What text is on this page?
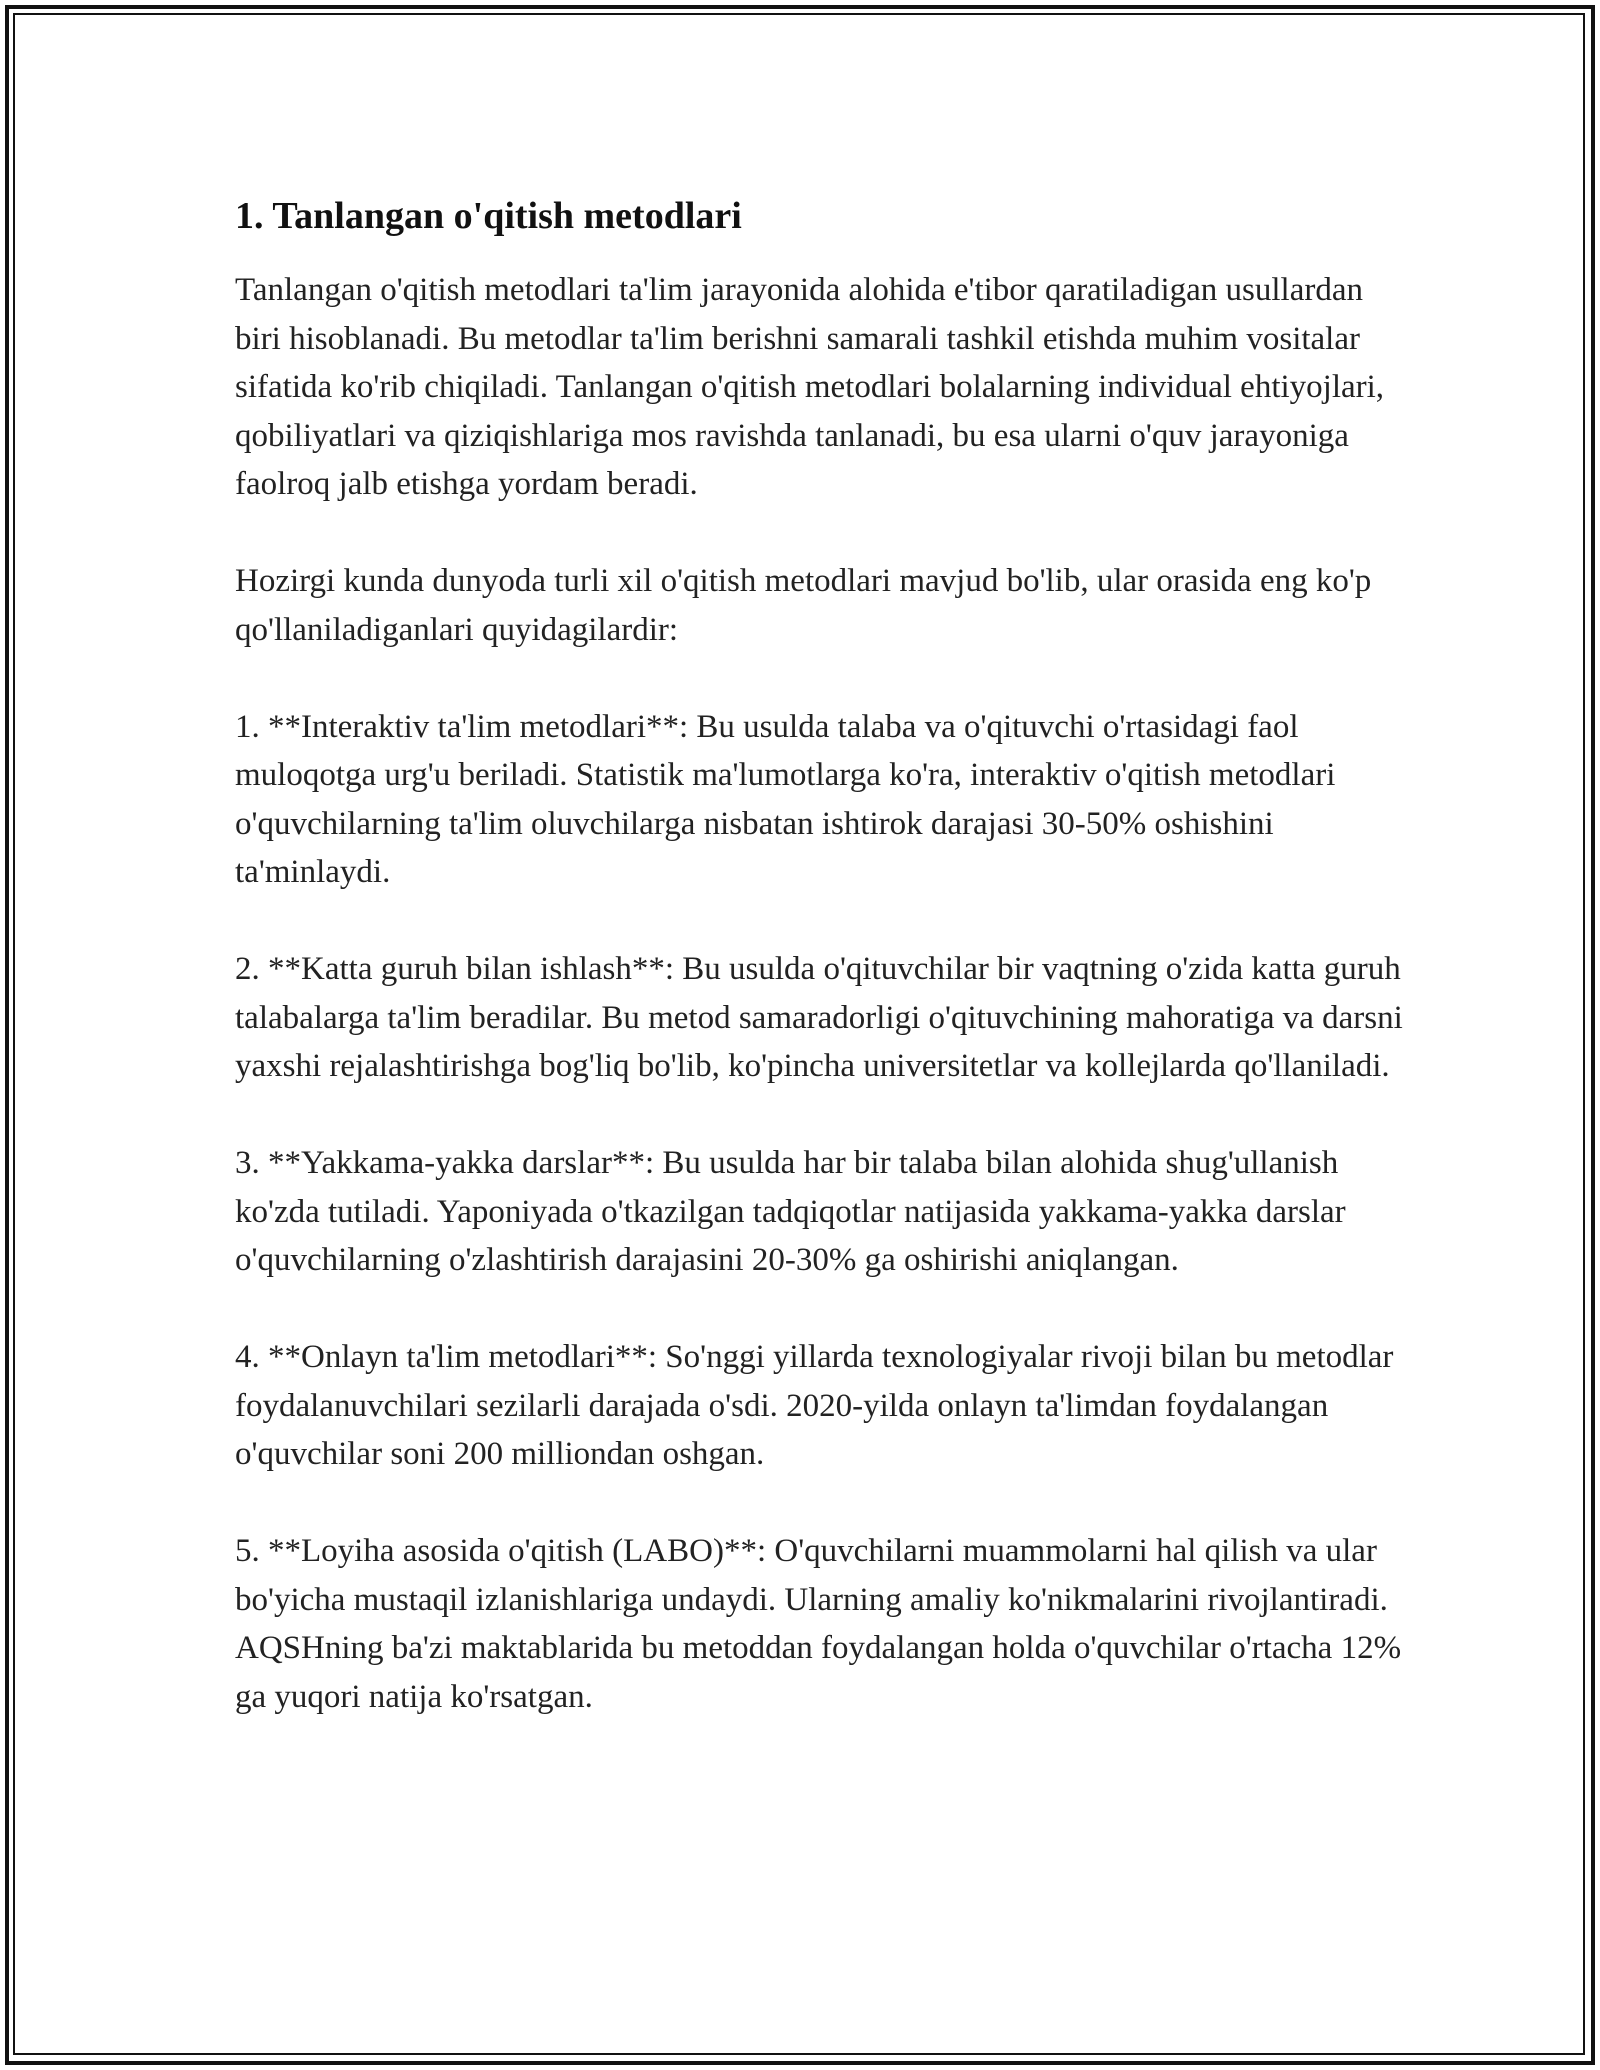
1. Tanlangan o'qitish metodlari

Tanlangan o'qitish metodlari ta'lim jarayonida alohida e'tibor qaratiladigan usullardan biri hisoblanadi. Bu metodlar ta'lim berishni samarali tashkil etishda muhim vositalar sifatida ko'rib chiqiladi. Tanlangan o'qitish metodlari bolalarning individual ehtiyojlari, qobiliyatlari va qiziqishlariga mos ravishda tanlanadi, bu esa ularni o'quv jarayoniga faolroq jalb etishga yordam beradi.

Hozirgi kunda dunyoda turli xil o'qitish metodlari mavjud bo'lib, ular orasida eng ko'p qo'llaniladiganlari quyidagilardir:

1. **Interaktiv ta'lim metodlari**: Bu usulda talaba va o'qituvchi o'rtasidagi faol muloqotga urg'u beriladi. Statistik ma'lumotlarga ko'ra, interaktiv o'qitish metodlari o'quvchilarning ta'lim oluvchilarga nisbatan ishtirok darajasi 30-50% oshishini ta'minlaydi.

2. **Katta guruh bilan ishlash**: Bu usulda o'qituvchilar bir vaqtning o'zida katta guruh talabalarga ta'lim beradilar. Bu metod samaradorligi o'qituvchining mahoratiga va darsni yaxshi rejalashtirishga bog'liq bo'lib, ko'pincha universitetlar va kollejlarda qo'llaniladi.

3. **Yakkama-yakka darslar**: Bu usulda har bir talaba bilan alohida shug'ullanish ko'zda tutiladi. Yaponiyada o'tkazilgan tadqiqotlar natijasida yakkama-yakka darslar o'quvchilarning o'zlashtirish darajasini 20-30% ga oshirishi aniqlangan.

4. **Onlayn ta'lim metodlari**: So'nggi yillarda texnologiyalar rivoji bilan bu metodlar foydalanuvchilari sezilarli darajada o'sdi. 2020-yilda onlayn ta'limdan foydalangan o'quvchilar soni 200 milliondan oshgan.

5. **Loyiha asosida o'qitish (LABO)**: O'quvchilarni muammolarni hal qilish va ular bo'yicha mustaqil izlanishlariga undaydi. Ularning amaliy ko'nikmalarini rivojlantiradi. AQSHning ba'zi maktablarida bu metoddan foydalangan holda o'quvchilar o'rtacha 12% ga yuqori natija ko'rsatgan.
